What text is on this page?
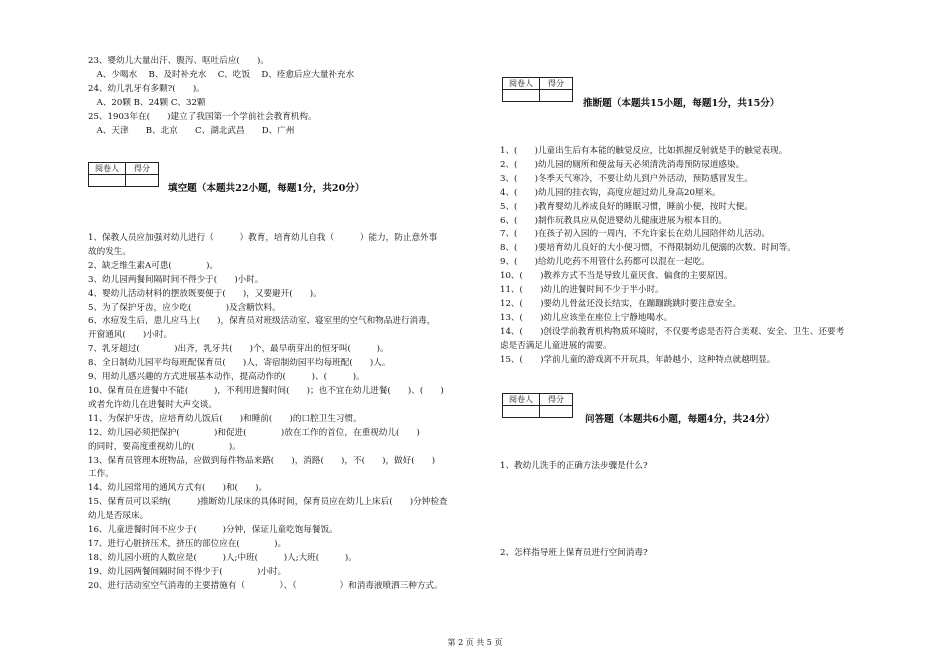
23、婴幼儿大量出汗、腹泻、呕吐后应(　　)。
　A、少喝水　 B、及时补充水　 C、吃饭　 D、痊愈后应大量补充水
24、幼儿乳牙有多颗?(　　)。
　A、20颗 B、24颗 C、32颗
25、1903年在(　　)建立了我国第一个学前社会教育机构。
　A、天津　　B、北京　　C、湖北武昌　　D、广州
阅卷人	得分

填空题（本题共22小题，每题1分，共20分）
1、保教人员应加强对幼儿进行（　　　）教育，培育幼儿自我（　　　）能力，防止意外事
故的发生。
2、缺乏维生素A可患(　　　　)。
3、幼儿园两餐间隔时间不得少于(　　)小时。
4、婴幼儿活动材料的摆放既要便于(　　)，又要避开(　　)。
5、为了保护牙齿，应少吃(　　　　)及含糖饮料。
6、水痘发生后，患儿应马上(　　)，保育员对班级活动室、寝室里的空气和物品进行消毒，
开窗通风(　　)小时。
7、乳牙超过(　　　　)出齐，乳牙共(　　)个，最早萌芽出的恒牙叫(　　　)。
8、全日制幼儿园平均每班配保育员(　　)人，寄宿制幼园平均每班配(　　)人。
9、用幼儿感兴趣的方式进展基本动作，提高动作的(　　　)、(　　　)。
10、保育员在进餐中不能(　　　)，不利用进餐时间(　　)；也不宜在幼儿进餐(　　)、(　　)
或者允许幼儿在进餐时大声交谈。
11、为保护牙齿，应培育幼儿饭后(　　)和睡前(　　)的口腔卫生习惯。
12、幼儿园必须把保护(　　　　)和促进(　　　　)放在工作的首位，在重视幼儿(　　)
的同时，要高度重视幼儿的(　　　　)。
13、保育员管理本班物品，应做到每件物品来路(　　)，消路(　　)，不(　　)，做好(　　)
工作。
14、幼儿园常用的通风方式有(　　)和(　　)。
15、保育员可以采纳(　　　)推断幼儿尿床的具体时间，保育员应在幼儿上床后(　　)分钟检查
幼儿是否尿床。
16、儿童进餐时间不应少于(　　　)分钟，保证儿童吃饱每餐饭。
17、进行心脏挤压术，挤压的部位应在(　　　　)。
18、幼儿园小班的人数应是(　　　)人;中班(　　　)人;大班(　　　)。
19、幼儿园两餐间隔时间不得少于(　　　　)小时。
20、进行活动室空气消毒的主要措施有（　　　　）、（　　　　　）和消毒液喷洒三种方式。
阅卷人	得分

推断题（本题共15小题，每题1分，共15分）
1、(　　)儿童出生后有本能的触觉反应，比如抓握反射就是手的触觉表现。
2、(　　)幼儿园的厕所和便盆每天必须清洗消毒预防尿道感染。
3、(　　)冬季天气寒冷，不要让幼儿到户外活动，预防感冒发生。
4、(　　)幼儿园的挂衣钩，高度应超过幼儿身高20厘米。
5、(　　)教育婴幼儿养成良好的睡眠习惯，睡前小便，按时大便。
6、(　　)制作玩教具应从促进婴幼儿健康进展为根本目的。
7、(　　)在孩子初入园的一周内，不允许家长在幼儿园陪伴幼儿活动。
8、(　　)要培育幼儿良好的大小便习惯，不得限制幼儿便溺的次数、时间等。
9、(　　)给幼儿吃药不用管什么药都可以混在一起吃。
10、(　　)教养方式不当是导致儿童厌食、偏食的主要原因。
11、(　　)幼儿的进餐时间不少于半小时。
12、(　　)要幼儿骨盆还没长结实，在蹦蹦跳跳时要注意安全。
13、(　　)幼儿应该坐在座位上宁静地喝水。
14、(　　)创设学前教育机构物质环境时，不仅要考虑是否符合美观、安全、卫生、还要考
虑是否满足儿童进展的需要。
15、(　　)学前儿童的游戏离不开玩具，年龄越小，这种特点就越明显。
阅卷人	得分

问答题（本题共6小题，每题4分，共24分）
1、教幼儿洗手的正确方法步骤是什么?
2、怎样指导班上保育员进行空间消毒?
第 2 页 共 5 页
